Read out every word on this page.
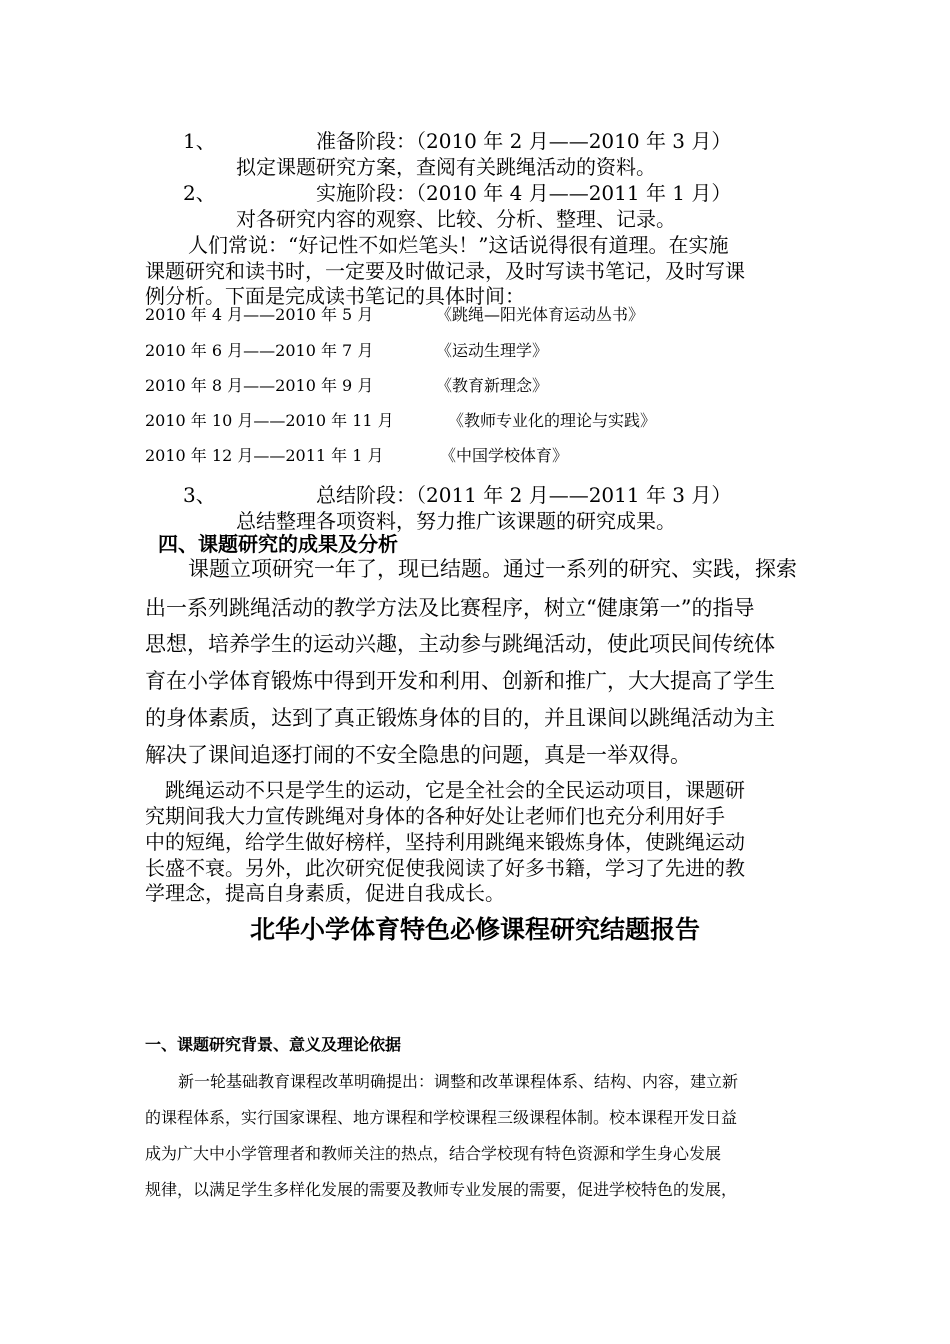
1、	准备阶段：（2010 年 2 月——2010 年 3 月）
拟定课题研究方案，查阅有关跳绳活动的资料。
2、	实施阶段：（2010 年 4 月——2011 年 1 月）
对各研究内容的观察、比较、分析、整理、记录。
人们常说：“好记性不如烂笔头！”这话说得很有道理。在实施
课题研究和读书时，一定要及时做记录，及时写读书笔记，及时写课
例分析。下面是完成读书笔记的具体时间：
2010 年 4 月——2010 年 5 月	《跳绳—阳光体育运动丛书》
2010 年 6 月——2010 年 7 月	《运动生理学》
2010 年 8 月——2010 年 9 月	《教育新理念》
2010 年 10 月——2010 年 11 月	《教师专业化的理论与实践》
2010 年 12 月——2011 年 1 月	《中国学校体育》
3、	总结阶段：（2011 年 2 月——2011 年 3 月）
总结整理各项资料，努力推广该课题的研究成果。
四、课题研究的成果及分析
课题立项研究一年了，现已结题。通过一系列的研究、实践，探索
出一系列跳绳活动的教学方法及比赛程序，树立“健康第一”的指导
思想，培养学生的运动兴趣，主动参与跳绳活动，使此项民间传统体
育在小学体育锻炼中得到开发和利用、创新和推广，大大提高了学生
的身体素质，达到了真正锻炼身体的目的，并且课间以跳绳活动为主
解决了课间追逐打闹的不安全隐患的问题，真是一举双得。
跳绳运动不只是学生的运动，它是全社会的全民运动项目，课题研
究期间我大力宣传跳绳对身体的各种好处让老师们也充分利用好手
中的短绳，给学生做好榜样，坚持利用跳绳来锻炼身体，使跳绳运动
长盛不衰。另外，此次研究促使我阅读了好多书籍，学习了先进的教
学理念，提高自身素质，促进自我成长。
北华小学体育特色必修课程研究结题报告
一、课题研究背景、意义及理论依据
新一轮基础教育课程改革明确提出：调整和改革课程体系、结构、内容，建立新
的课程体系，实行国家课程、地方课程和学校课程三级课程体制。校本课程开发日益
成为广大中小学管理者和教师关注的热点，结合学校现有特色资源和学生身心发展
规律，以满足学生多样化发展的需要及教师专业发展的需要，促进学校特色的发展，
